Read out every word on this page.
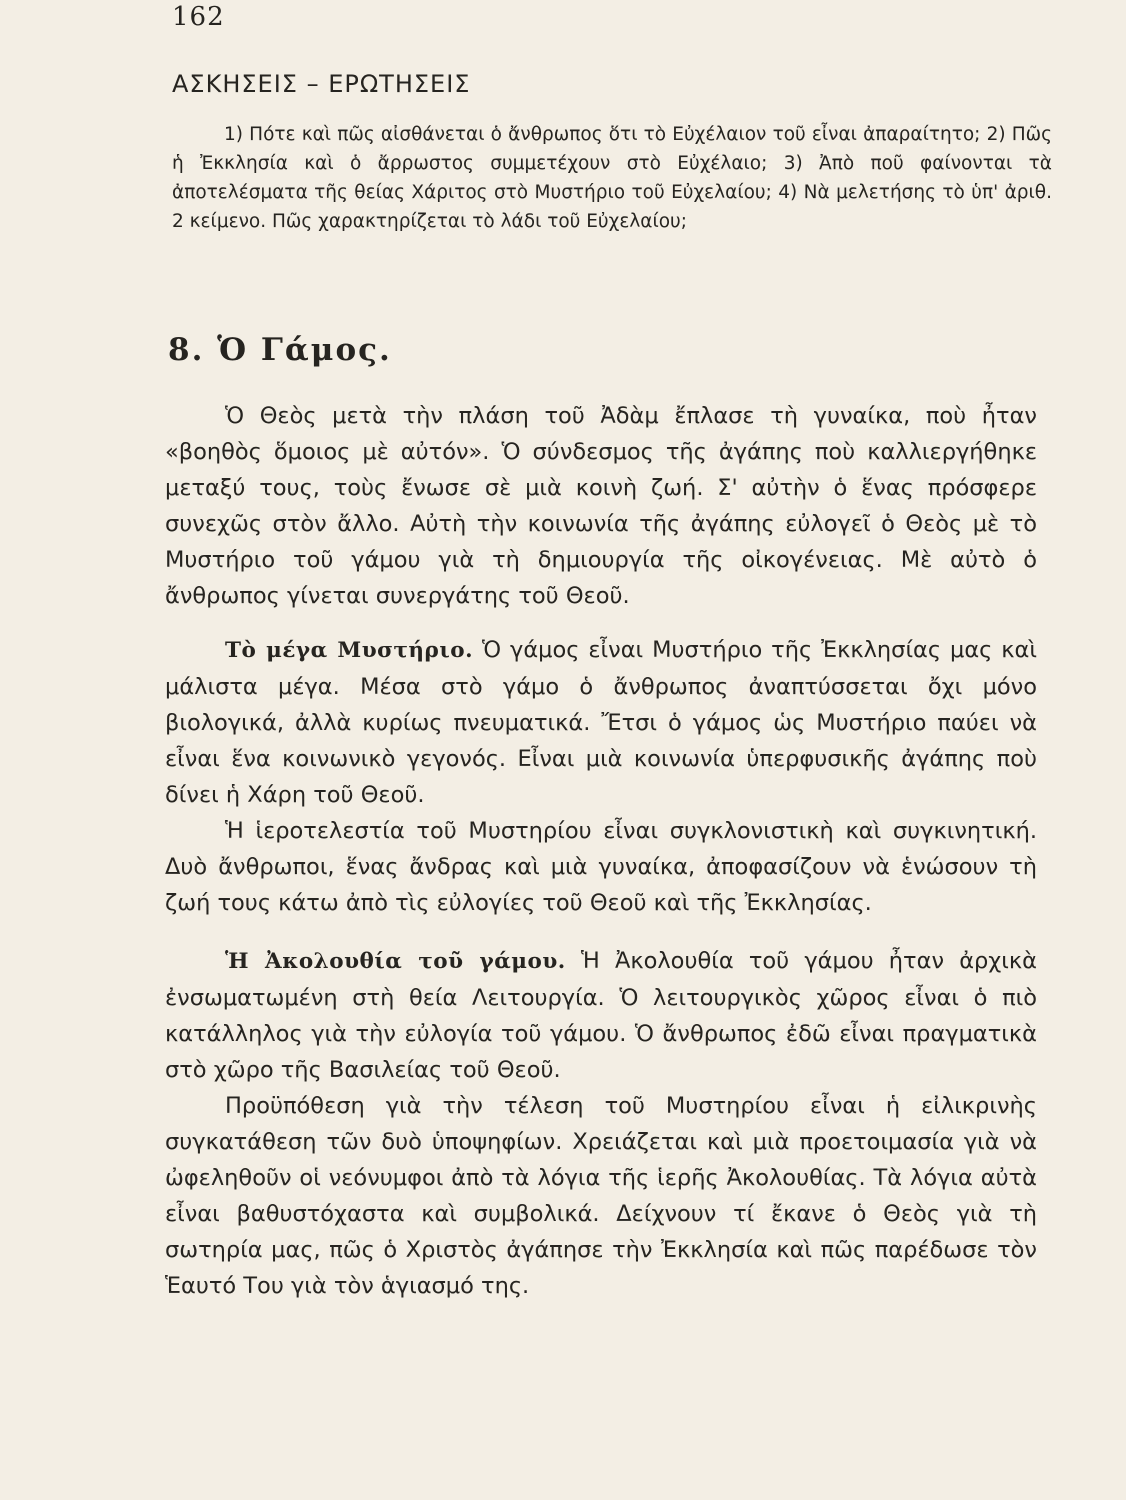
162
ΑΣΚΗΣΕΙΣ – ΕΡΩΤΗΣΕΙΣ

1) Πότε καὶ πῶς αἰσθάνεται ὁ ἄνθρωπος ὅτι τὸ Εὐχέλαιον τοῦ εἶναι ἀπαραίτητο; 2) Πῶς ἡ Ἐκκλησία καὶ ὁ ἄρρωστος συμμετέχουν στὸ Εὐχέλαιο; 3) Ἀπὸ ποῦ φαίνονται τὰ ἀποτελέσματα τῆς θείας Χάριτος στὸ Μυστήριο τοῦ Εὐχελαίου; 4) Νὰ μελετήσης τὸ ὑπ' ἀριθ. 2 κείμενο. Πῶς χαρακτηρίζεται τὸ λάδι τοῦ Εὐχελαίου;

8. Ὁ Γάμος.

Ὁ Θεὸς μετὰ τὴν πλάση τοῦ Ἀδὰμ ἔπλασε τὴ γυναίκα, ποὺ ἦταν «βοηθὸς ὅμοιος μὲ αὐτόν». Ὁ σύνδεσμος τῆς ἀγάπης ποὺ καλλιεργήθηκε μεταξύ τους, τοὺς ἔνωσε σὲ μιὰ κοινὴ ζωή. Σ' αὐτὴν ὁ ἕνας πρόσφερε συνεχῶς στὸν ἄλλο. Αὐτὴ τὴν κοινωνία τῆς ἀγάπης εὐλογεῖ ὁ Θεὸς μὲ τὸ Μυστήριο τοῦ γάμου γιὰ τὴ δημιουργία τῆς οἰκογένειας. Μὲ αὐτὸ ὁ ἄνθρωπος γίνεται συνεργάτης τοῦ Θεοῦ.

Τὸ μέγα Μυστήριο. Ὁ γάμος εἶναι Μυστήριο τῆς Ἐκκλησίας μας καὶ μάλιστα μέγα. Μέσα στὸ γάμο ὁ ἄνθρωπος ἀναπτύσσεται ὄχι μόνο βιολογικά, ἀλλὰ κυρίως πνευματικά. Ἔτσι ὁ γάμος ὡς Μυστήριο παύει νὰ εἶναι ἕνα κοινωνικὸ γεγονός. Εἶναι μιὰ κοινωνία ὑπερφυσικῆς ἀγάπης ποὺ δίνει ἡ Χάρη τοῦ Θεοῦ.

Ἡ ἱεροτελεστία τοῦ Μυστηρίου εἶναι συγκλονιστικὴ καὶ συγκινητική. Δυὸ ἄνθρωποι, ἕνας ἄνδρας καὶ μιὰ γυναίκα, ἀποφασίζουν νὰ ἑνώσουν τὴ ζωή τους κάτω ἀπὸ τὶς εὐλογίες τοῦ Θεοῦ καὶ τῆς Ἐκκλησίας.

Ἡ Ἀκολουθία τοῦ γάμου. Ἡ Ἀκολουθία τοῦ γάμου ἦταν ἀρχικὰ ἐνσωματωμένη στὴ θεία Λειτουργία. Ὁ λειτουργικὸς χῶρος εἶναι ὁ πιὸ κατάλληλος γιὰ τὴν εὐλογία τοῦ γάμου. Ὁ ἄνθρωπος ἐδῶ εἶναι πραγματικὰ στὸ χῶρο τῆς Βασιλείας τοῦ Θεοῦ.

Προϋπόθεση γιὰ τὴν τέλεση τοῦ Μυστηρίου εἶναι ἡ εἰλικρινὴς συγκατάθεση τῶν δυὸ ὑποψηφίων. Χρειάζεται καὶ μιὰ προετοιμασία γιὰ νὰ ὠφεληθοῦν οἱ νεόνυμφοι ἀπὸ τὰ λόγια τῆς ἱερῆς Ἀκολουθίας. Τὰ λόγια αὐτὰ εἶναι βαθυστόχαστα καὶ συμβολικά. Δείχνουν τί ἔκανε ὁ Θεὸς γιὰ τὴ σωτηρία μας, πῶς ὁ Χριστὸς ἀγάπησε τὴν Ἐκκλησία καὶ πῶς παρέδωσε τὸν Ἑαυτό Του γιὰ τὸν ἁγιασμό της.
